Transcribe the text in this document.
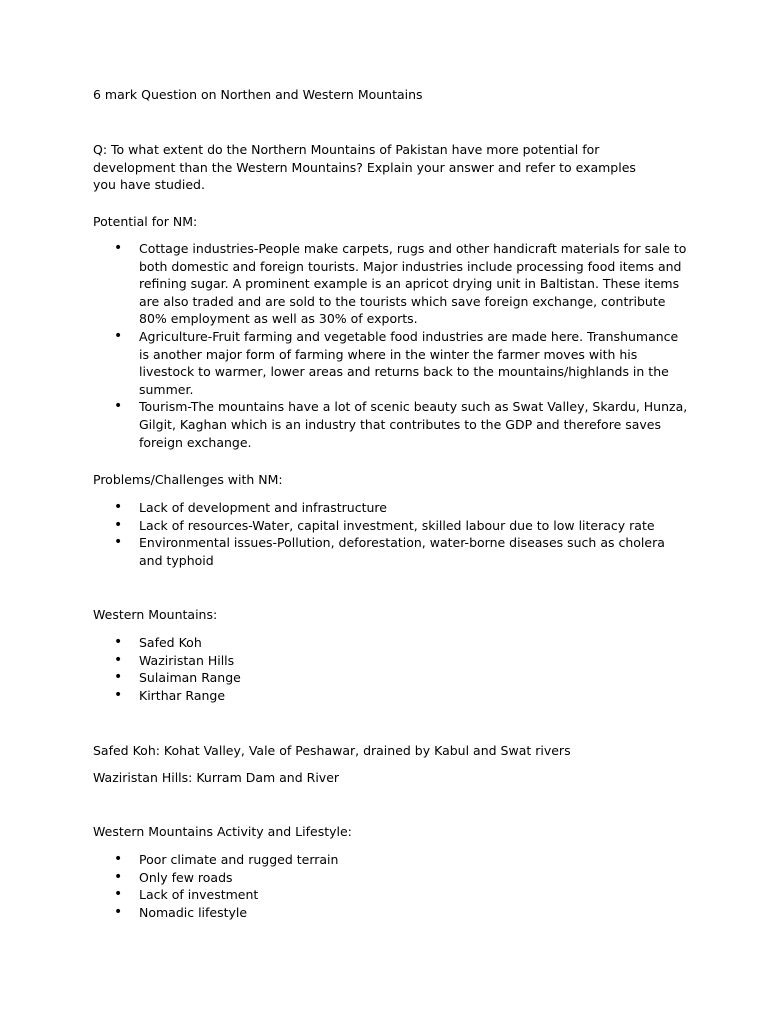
6 mark Question on Northen and Western Mountains
Q: To what extent do the Northern Mountains of Pakistan have more potential for development than the Western Mountains? Explain your answer and refer to examples you have studied.
Potential for NM:
• Cottage industries-People make carpets, rugs and other handicraft materials for sale to both domestic and foreign tourists. Major industries include processing food items and refining sugar. A prominent example is an apricot drying unit in Baltistan. These items are also traded and are sold to the tourists which save foreign exchange, contribute 80% employment as well as 30% of exports.
• Agriculture-Fruit farming and vegetable food industries are made here. Transhumance is another major form of farming where in the winter the farmer moves with his livestock to warmer, lower areas and returns back to the mountains/highlands in the summer.
• Tourism-The mountains have a lot of scenic beauty such as Swat Valley, Skardu, Hunza, Gilgit, Kaghan which is an industry that contributes to the GDP and therefore saves foreign exchange.
Problems/Challenges with NM:
• Lack of development and infrastructure
• Lack of resources-Water, capital investment, skilled labour due to low literacy rate
• Environmental issues-Pollution, deforestation, water-borne diseases such as cholera and typhoid
Western Mountains:
• Safed Koh
• Waziristan Hills
• Sulaiman Range
• Kirthar Range
Safed Koh: Kohat Valley, Vale of Peshawar, drained by Kabul and Swat rivers
Waziristan Hills: Kurram Dam and River
Western Mountains Activity and Lifestyle:
• Poor climate and rugged terrain
• Only few roads
• Lack of investment
• Nomadic lifestyle
